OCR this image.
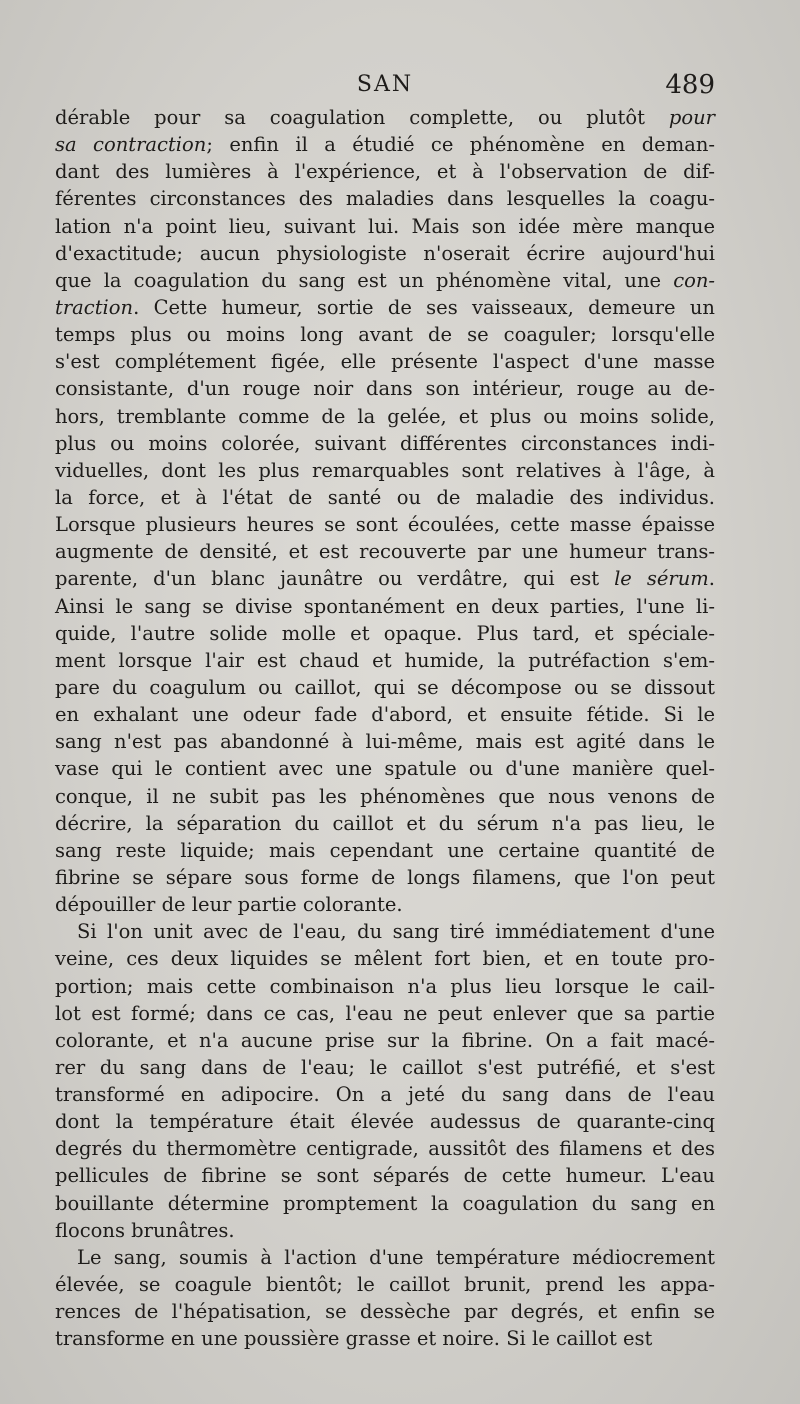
SAN	489
dérable pour sa coagulation complette, ou plutôt pour
sa contraction; enfin il a étudié ce phénomène en deman-
dant des lumières à l'expérience, et à l'observation de dif-
férentes circonstances des maladies dans lesquelles la coagu-
lation n'a point lieu, suivant lui. Mais son idée mère manque
d'exactitude; aucun physiologiste n'oserait écrire aujourd'hui
que la coagulation du sang est un phénomène vital, une con-
traction. Cette humeur, sortie de ses vaisseaux, demeure un
temps plus ou moins long avant de se coaguler; lorsqu'elle
s'est complétement figée, elle présente l'aspect d'une masse
consistante, d'un rouge noir dans son intérieur, rouge au de-
hors, tremblante comme de la gelée, et plus ou moins solide,
plus ou moins colorée, suivant différentes circonstances indi-
viduelles, dont les plus remarquables sont relatives à l'âge, à
la force, et à l'état de santé ou de maladie des individus.
Lorsque plusieurs heures se sont écoulées, cette masse épaisse
augmente de densité, et est recouverte par une humeur trans-
parente, d'un blanc jaunâtre ou verdâtre, qui est le sérum.
Ainsi le sang se divise spontanément en deux parties, l'une li-
quide, l'autre solide molle et opaque. Plus tard, et spéciale-
ment lorsque l'air est chaud et humide, la putréfaction s'em-
pare du coagulum ou caillot, qui se décompose ou se dissout
en exhalant une odeur fade d'abord, et ensuite fétide. Si le
sang n'est pas abandonné à lui-même, mais est agité dans le
vase qui le contient avec une spatule ou d'une manière quel-
conque, il ne subit pas les phénomènes que nous venons de
décrire, la séparation du caillot et du sérum n'a pas lieu, le
sang reste liquide; mais cependant une certaine quantité de
fibrine se sépare sous forme de longs filamens, que l'on peut
dépouiller de leur partie colorante.
Si l'on unit avec de l'eau, du sang tiré immédiatement d'une
veine, ces deux liquides se mêlent fort bien, et en toute pro-
portion; mais cette combinaison n'a plus lieu lorsque le cail-
lot est formé; dans ce cas, l'eau ne peut enlever que sa partie
colorante, et n'a aucune prise sur la fibrine. On a fait macé-
rer du sang dans de l'eau; le caillot s'est putréfié, et s'est
transformé en adipocire. On a jeté du sang dans de l'eau
dont la température était élevée audessus de quarante-cinq
degrés du thermomètre centigrade, aussitôt des filamens et des
pellicules de fibrine se sont séparés de cette humeur. L'eau
bouillante détermine promptement la coagulation du sang en
flocons brunâtres.
Le sang, soumis à l'action d'une température médiocrement
élevée, se coagule bientôt; le caillot brunit, prend les appa-
rences de l'hépatisation, se dessèche par degrés, et enfin se
transforme en une poussière grasse et noire. Si le caillot est
